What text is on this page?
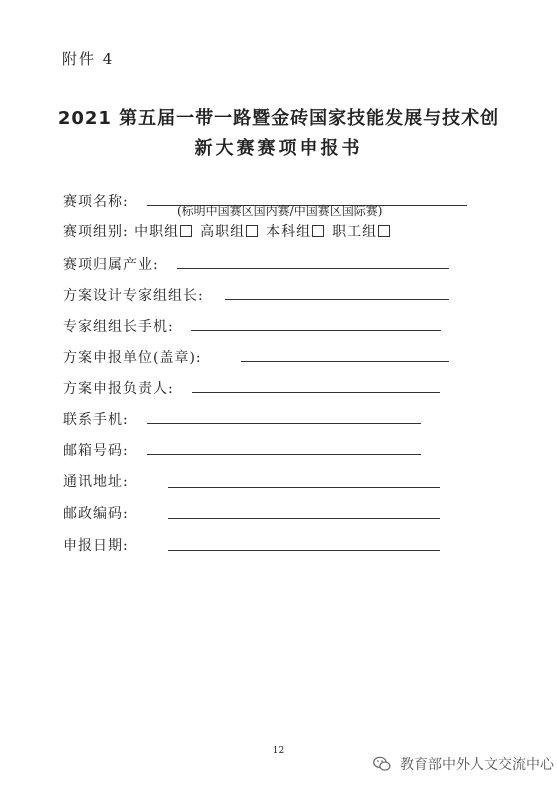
附件 4
2021 第五届一带一路暨金砖国家技能发展与技术创
新大赛赛项申报书
赛项名称:
(标明中国赛区国内赛/中国赛区国际赛)
赛项组别: 中职组 高职组 本科组 职工组
赛项归属产业:
方案设计专家组组长:
专家组组长手机:
方案申报单位(盖章):
方案申报负责人:
联系手机:
邮箱号码:
通讯地址:
邮政编码:
申报日期:
12
教育部中外人文交流中心
